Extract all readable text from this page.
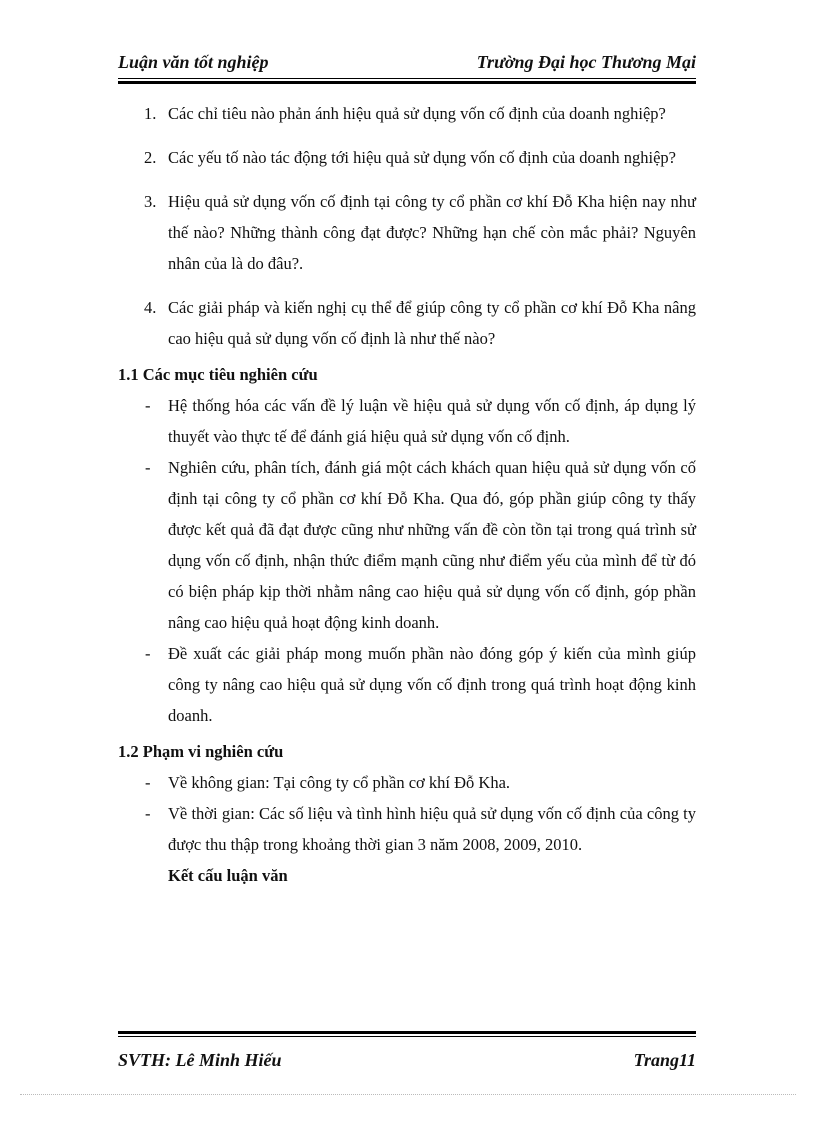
Luận văn tốt nghiệp	Trường Đại học Thương Mại
1. Các chỉ tiêu nào phản ánh hiệu quả sử dụng vốn cố định của doanh nghiệp?
2. Các yếu tố nào tác động tới hiệu quả sử dụng vốn cố định của doanh nghiệp?
3. Hiệu quả sử dụng vốn cố định tại công ty cổ phần cơ khí Đỗ Kha hiện nay như thế nào? Những thành công đạt được? Những hạn chế còn mắc phải? Nguyên nhân của là do đâu?.
4. Các giải pháp và kiến nghị cụ thể để giúp công ty cổ phần cơ khí Đỗ Kha nâng cao hiệu quả sử dụng vốn cố định là như thế nào?
1.1 Các mục tiêu nghiên cứu
- Hệ thống hóa các vấn đề lý luận về hiệu quả sử dụng vốn cố định, áp dụng lý thuyết vào thực tế để đánh giá hiệu quả sử dụng vốn cố định.
- Nghiên cứu, phân tích, đánh giá một cách khách quan hiệu quả sử dụng vốn cố định tại công ty cổ phần cơ khí Đỗ Kha. Qua đó, góp phần giúp công ty thấy được kết quả đã đạt được cũng như những vấn đề còn tồn tại trong quá trình sử dụng vốn cố định, nhận thức điểm mạnh cũng như điểm yếu của mình để từ đó có biện pháp kịp thời nhằm nâng cao hiệu quả sử dụng vốn cố định, góp phần nâng cao hiệu quả hoạt động kinh doanh.
- Đề xuất các giải pháp mong muốn phần nào đóng góp ý kiến của mình giúp công ty nâng cao hiệu quả sử dụng vốn cố định trong quá trình hoạt động kinh doanh.
1.2 Phạm vi nghiên cứu
- Về không gian: Tại công ty cổ phần cơ khí Đỗ Kha.
- Về thời gian: Các số liệu và tình hình hiệu quả sử dụng vốn cố định của công ty được thu thập trong khoảng thời gian 3 năm 2008, 2009, 2010.
Kết cấu luận văn
SVTH: Lê Minh Hiếu	Trang11
